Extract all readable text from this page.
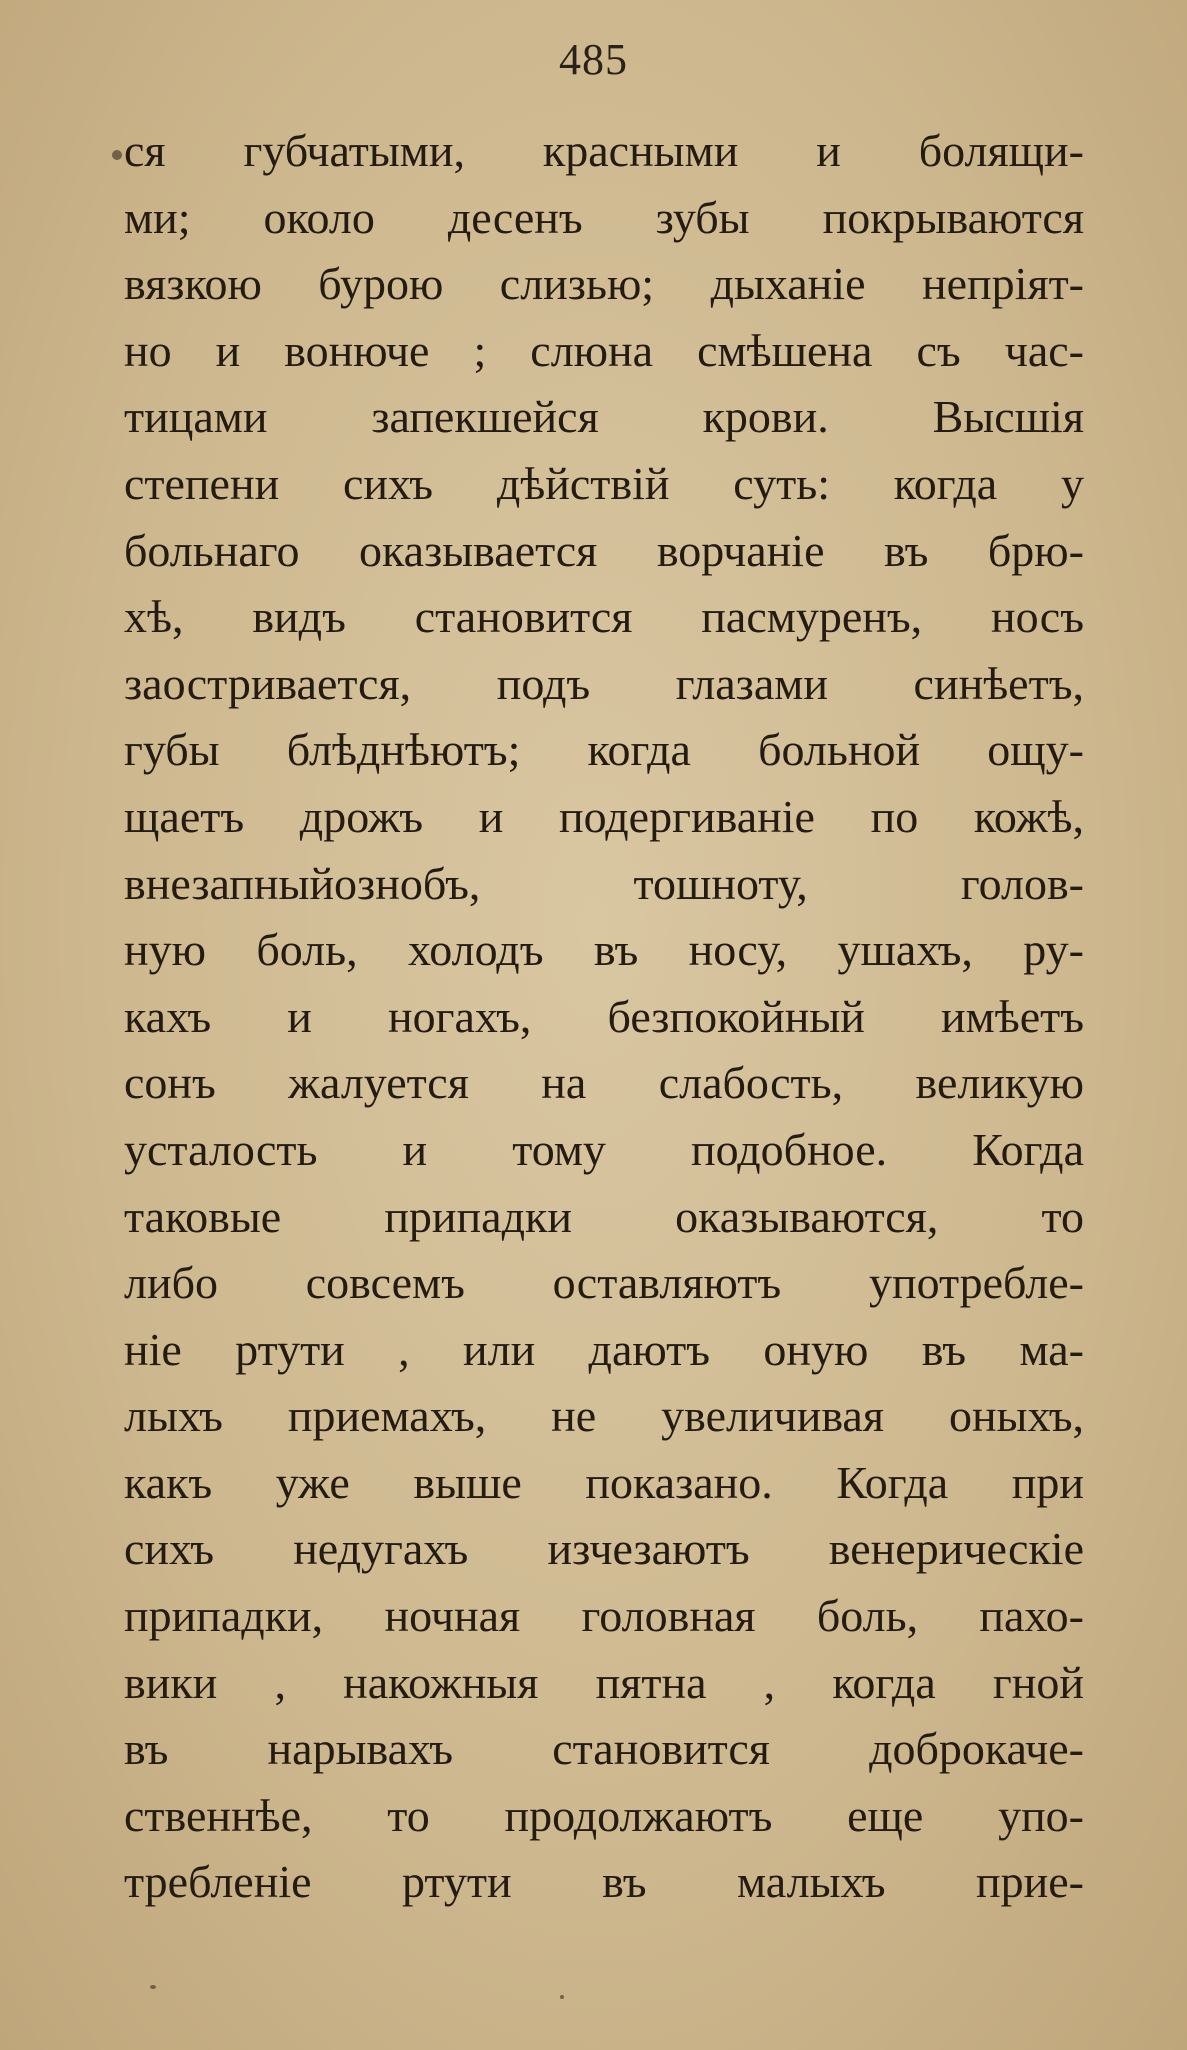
485
ся губчатыми, красными и болящи-
ми; около десенъ зубы покрываются
вязкою бурою слизью; дыханіе непріят-
но и вонюче ; слюна смѣшена съ час-
тицами запекшейся крови. Высшія
степени сихъ дѣйствій суть: когда у
больнаго оказывается ворчаніе въ брю-
хѣ, видъ становится пасмуренъ, носъ
заостривается, подъ глазами синѣетъ,
губы блѣднѣютъ; когда больной ощу-
щаетъ дрожъ и подергиваніе по кожѣ,
внезапныйознобъ, тошноту, голов-
ную боль, холодъ въ носу, ушахъ, ру-
кахъ и ногахъ, безпокойный имѣетъ
сонъ жалуется на слабость, великую
усталость и тому подобное. Когда
таковые припадки оказываются, то
либо совсемъ оставляютъ употребле-
ніе ртути , или даютъ оную въ ма-
лыхъ приемахъ, не увеличивая оныхъ,
какъ уже выше показано. Когда при
сихъ недугахъ изчезаютъ венерическіе
припадки, ночная головная боль, пахо-
вики , накожныя пятна , когда гной
въ нарывахъ становится доброкаче-
ственнѣе, то продолжаютъ еще упо-
требленіе ртути въ малыхъ прие-
